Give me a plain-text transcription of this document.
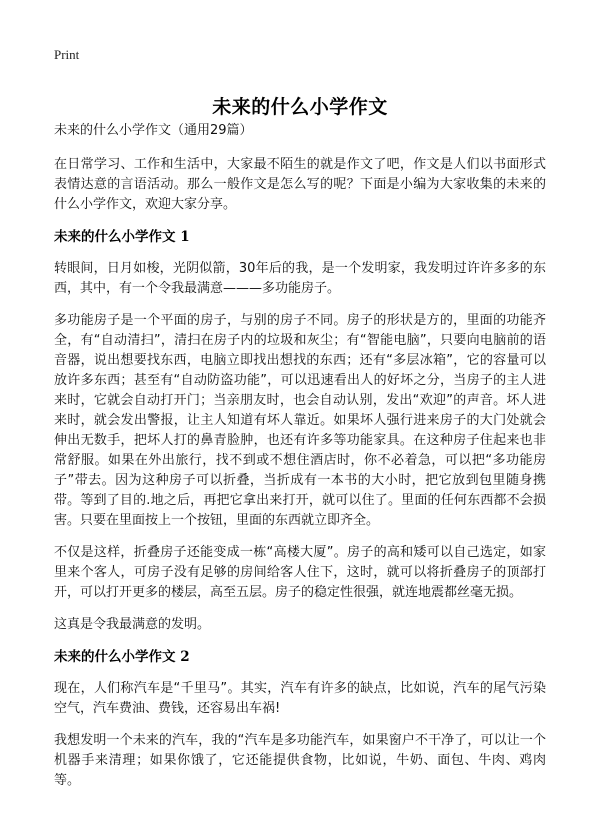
Print
未来的什么小学作文

未来的什么小学作文（通用29篇）

在日常学习、工作和生活中，大家最不陌生的就是作文了吧，作文是人们以书面形式表情达意的言语活动。那么一般作文是怎么写的呢？下面是小编为大家收集的未来的什么小学作文，欢迎大家分享。

未来的什么小学作文 1

转眼间，日月如梭，光阴似箭，30年后的我，是一个发明家，我发明过许许多多的东西，其中，有一个令我最满意———多功能房子。

多功能房子是一个平面的房子，与别的房子不同。房子的形状是方的，里面的功能齐全，有“自动清扫”，清扫在房子内的垃圾和灰尘；有“智能电脑”，只要向电脑前的语音器，说出想要找东西，电脑立即找出想找的东西；还有“多层冰箱”，它的容量可以放许多东西；甚至有“自动防盗功能”，可以迅速看出人的好坏之分，当房子的主人进来时，它就会自动打开门；当亲朋友时，也会自动认别，发出“欢迎”的声音。坏人进来时，就会发出警报，让主人知道有坏人靠近。如果坏人强行进来房子的大门处就会伸出无数手，把坏人打的鼻青脸肿，也还有许多等功能家具。在这种房子住起来也非常舒服。如果在外出旅行，找不到或不想住酒店时，你不必着急，可以把“多功能房子”带去。因为这种房子可以折叠，当折成有一本书的大小时，把它放到包里随身携带。等到了目的.地之后，再把它拿出来打开，就可以住了。里面的任何东西都不会损害。只要在里面按上一个按钮，里面的东西就立即齐全。

不仅是这样，折叠房子还能变成一栋“高楼大厦”。房子的高和矮可以自己选定，如家里来个客人，可房子没有足够的房间给客人住下，这时，就可以将折叠房子的顶部打开，可以打开更多的楼层，高至五层。房子的稳定性很强，就连地震都丝毫无损。

这真是令我最满意的发明。

未来的什么小学作文 2

现在，人们称汽车是“千里马”。其实，汽车有许多的缺点，比如说，汽车的尾气污染空气，汽车费油、费钱，还容易出车祸!

我想发明一个未来的汽车，我的“汽车是多功能汽车，如果窗户不干净了，可以让一个机器手来清理；如果你饿了，它还能提供食物，比如说，牛奶、面包、牛肉、鸡肉等。
